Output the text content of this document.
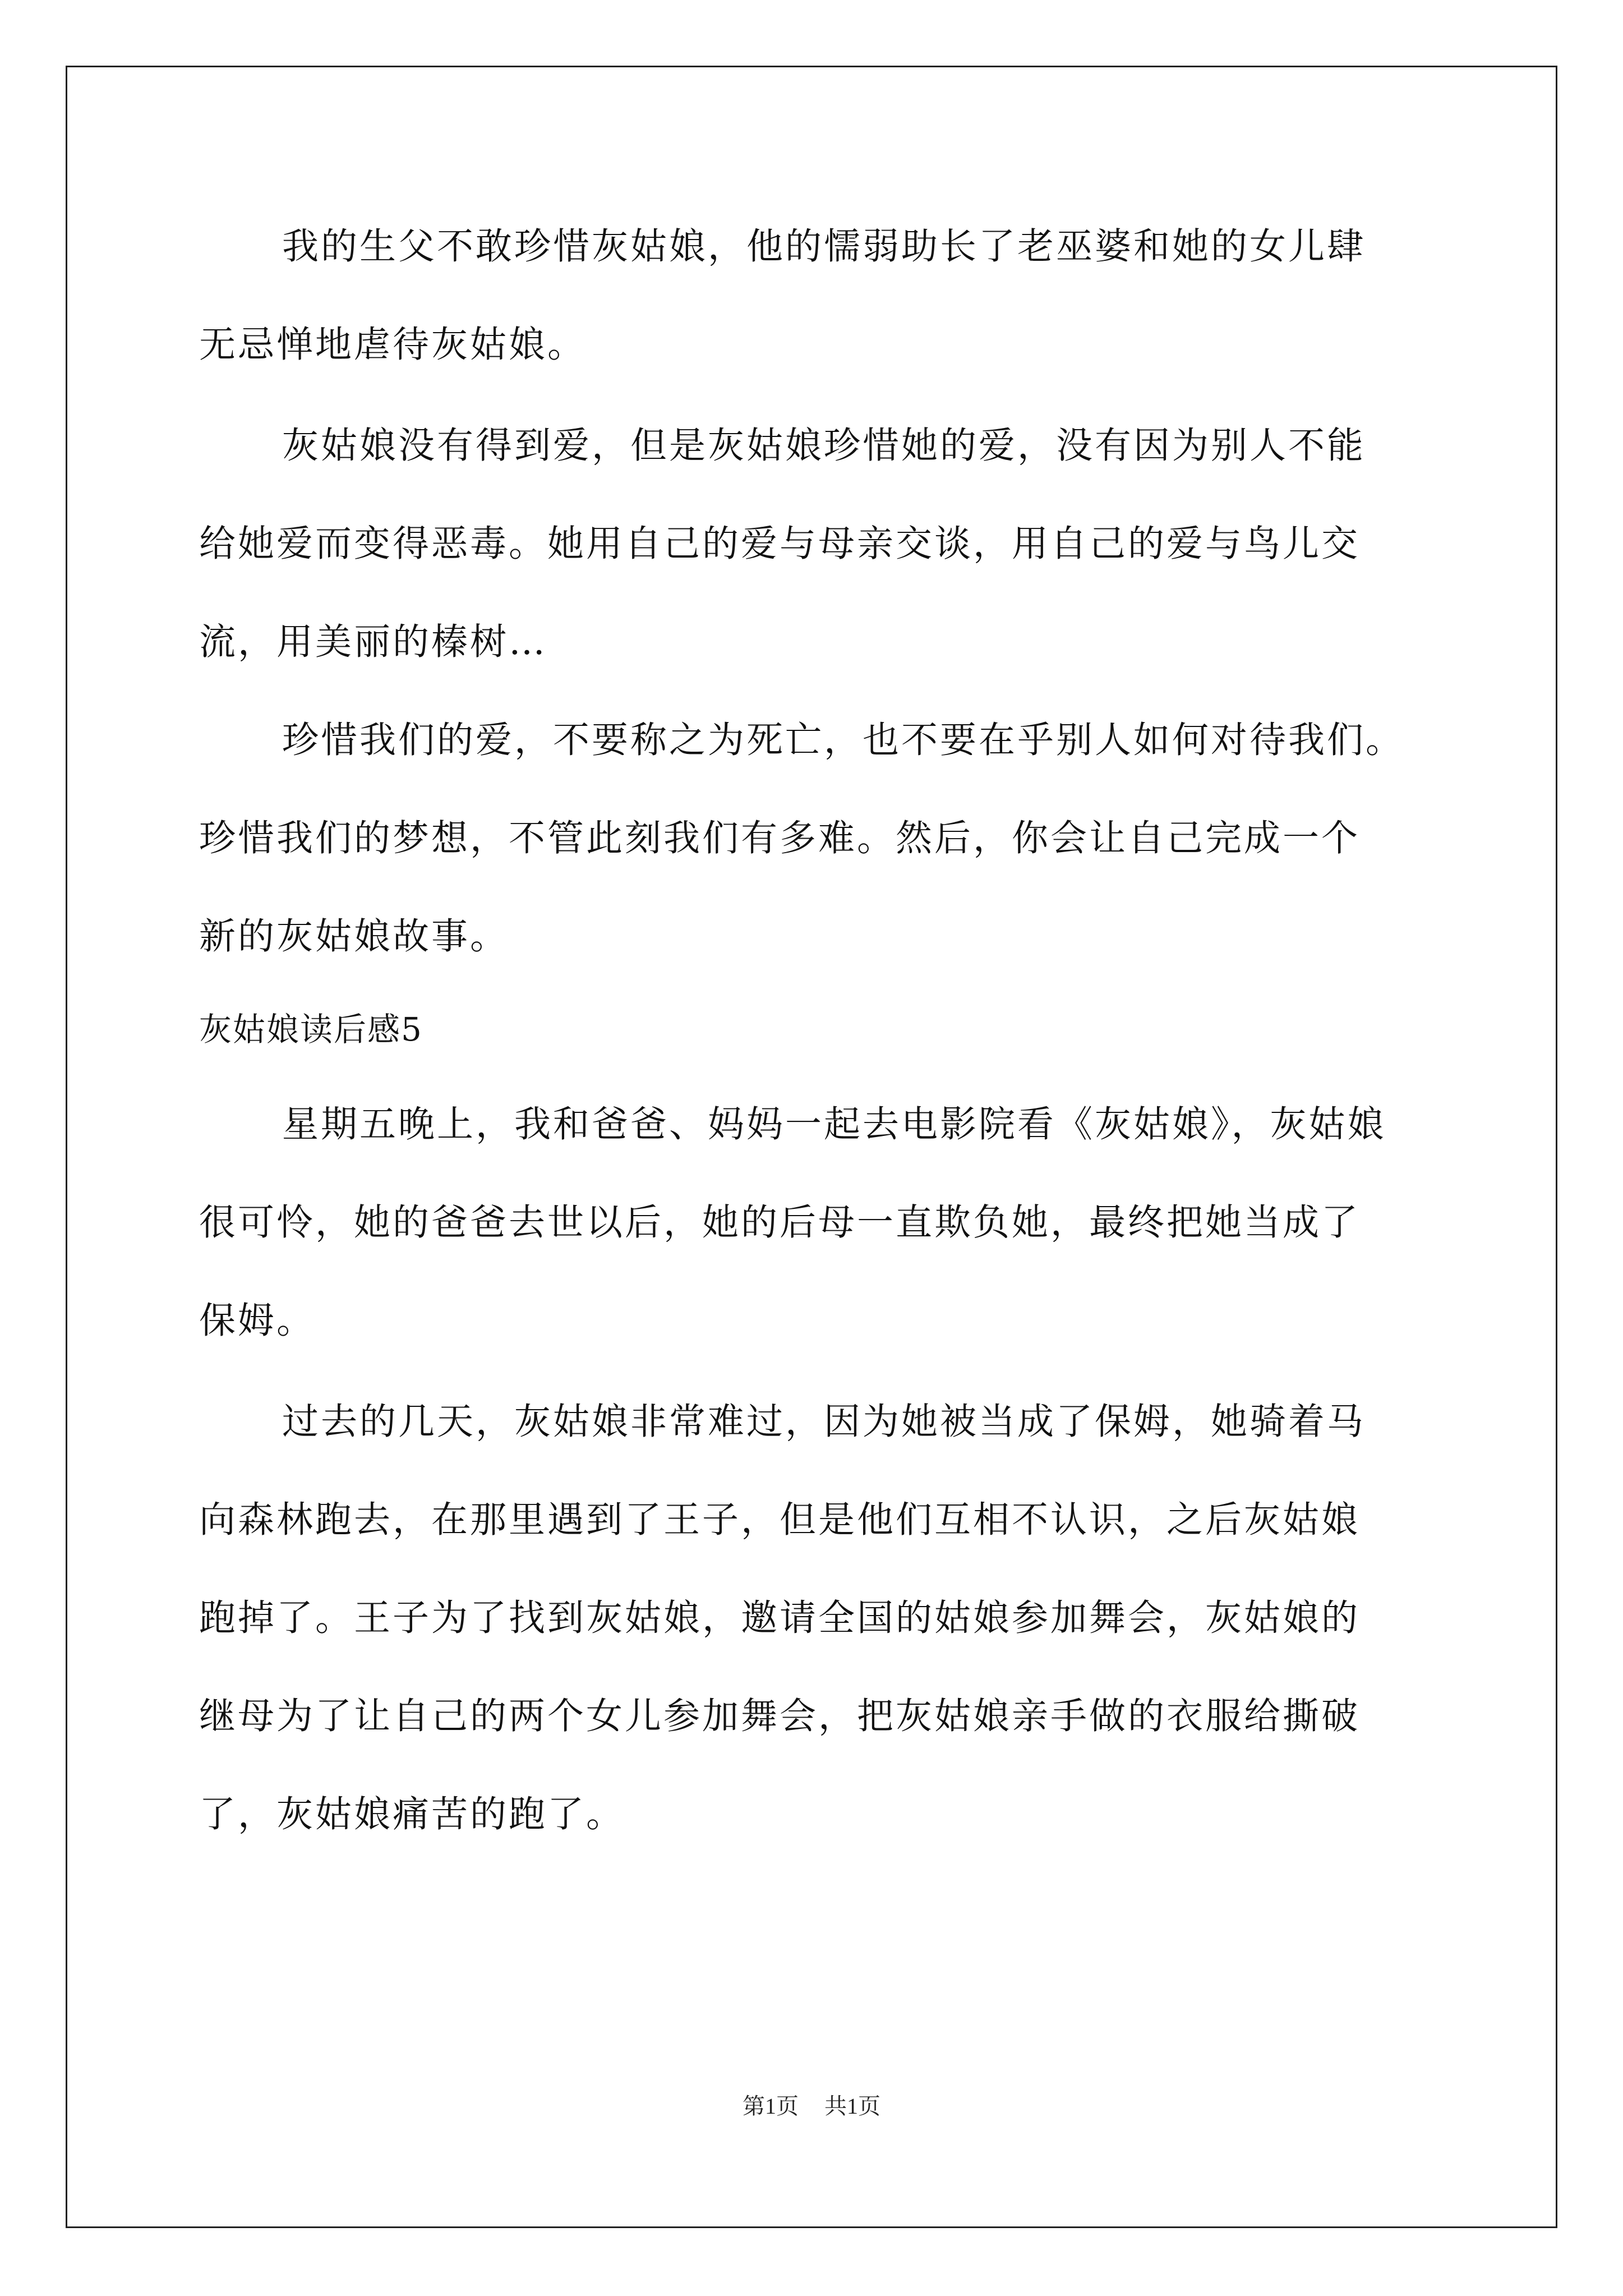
我的生父不敢珍惜灰姑娘，他的懦弱助长了老巫婆和她的女儿肆
无忌惮地虐待灰姑娘。
灰姑娘没有得到爱，但是灰姑娘珍惜她的爱，没有因为别人不能
给她爱而变得恶毒。她用自己的爱与母亲交谈，用自己的爱与鸟儿交
流，用美丽的榛树…
珍惜我们的爱，不要称之为死亡，也不要在乎别人如何对待我们。
珍惜我们的梦想，不管此刻我们有多难。然后，你会让自己完成一个
新的灰姑娘故事。
灰姑娘读后感5
星期五晚上，我和爸爸、妈妈一起去电影院看《灰姑娘》，灰姑娘
很可怜，她的爸爸去世以后，她的后母一直欺负她，最终把她当成了
保姆。
过去的几天，灰姑娘非常难过，因为她被当成了保姆，她骑着马
向森林跑去，在那里遇到了王子，但是他们互相不认识，之后灰姑娘
跑掉了。王子为了找到灰姑娘，邀请全国的姑娘参加舞会，灰姑娘的
继母为了让自己的两个女儿参加舞会，把灰姑娘亲手做的衣服给撕破
了，灰姑娘痛苦的跑了。
第1页 共1页
